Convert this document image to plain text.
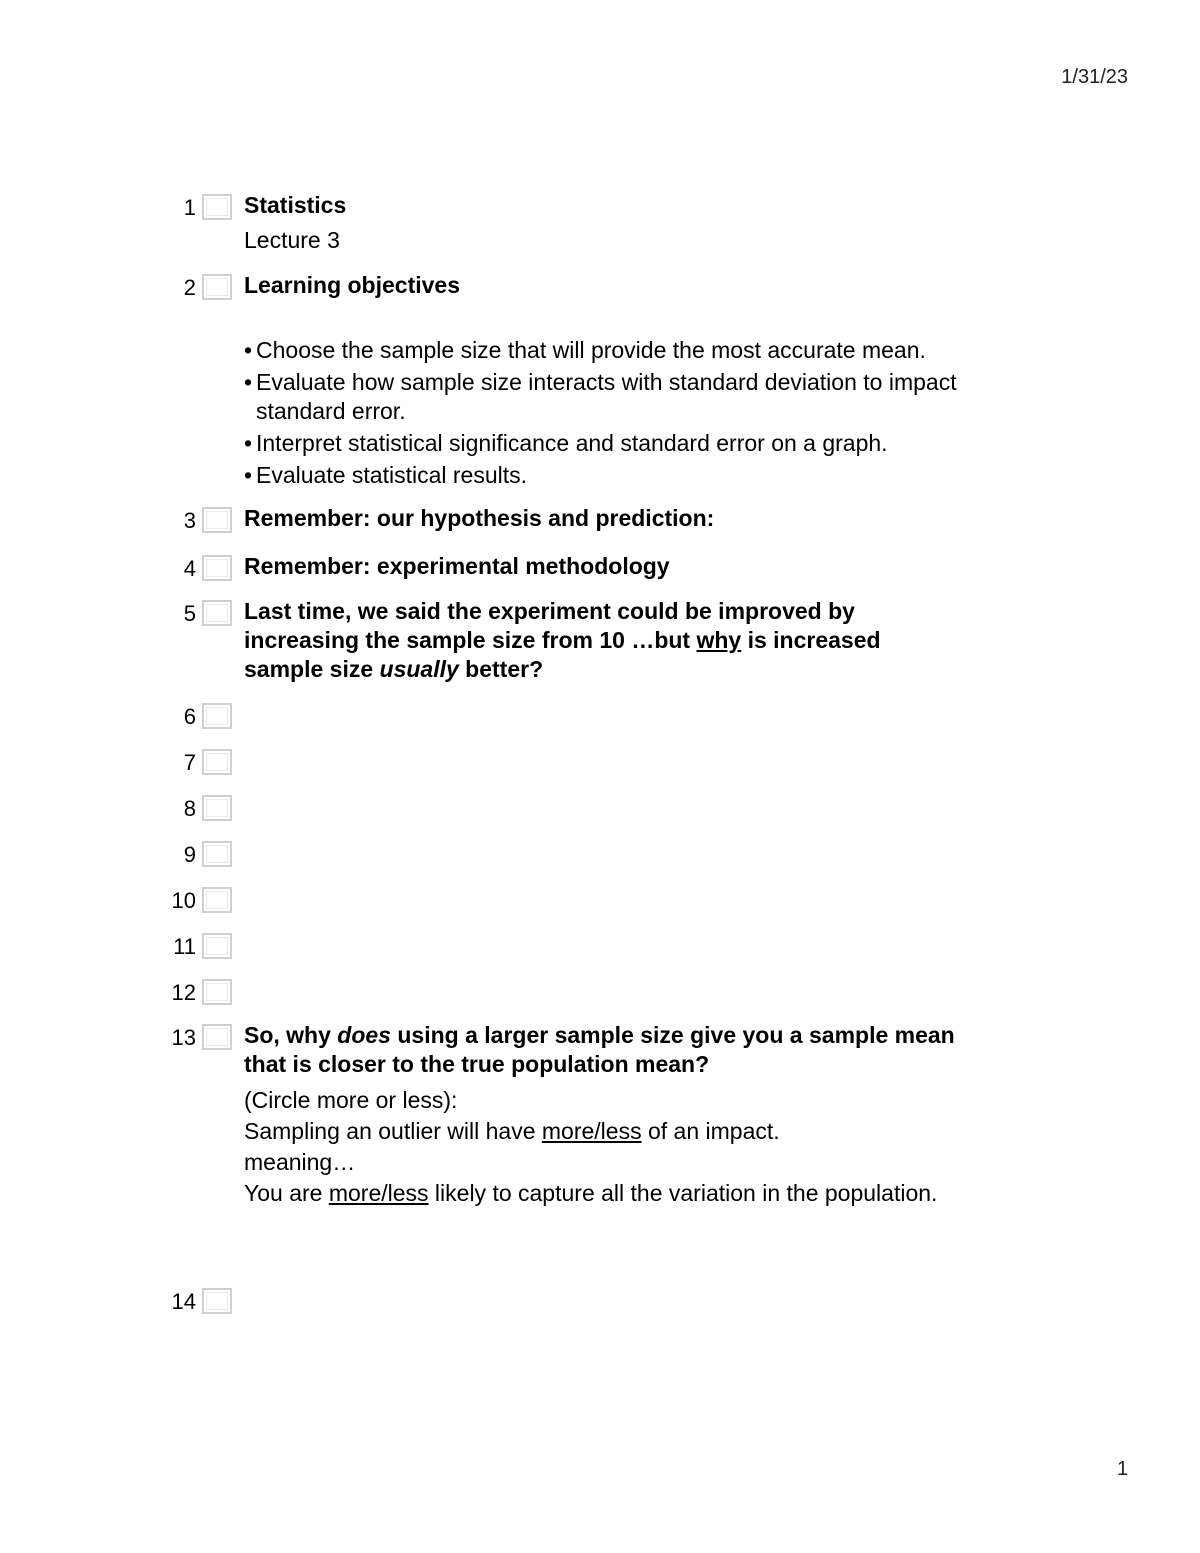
1/31/23
1 Statistics
Lecture 3
2 Learning objectives
• Choose the sample size that will provide the most accurate mean.
• Evaluate how sample size interacts with standard deviation to impact standard error.
• Interpret statistical significance and standard error on a graph.
• Evaluate statistical results.
3 Remember: our hypothesis and prediction:
4 Remember: experimental methodology
5 Last time, we said the experiment could be improved by increasing the sample size from 10 …but why is increased sample size usually better?
6
7
8
9
10
11
12
13 So, why does using a larger sample size give you a sample mean that is closer to the true population mean?
(Circle more or less):
Sampling an outlier will have more/less of an impact.
meaning…
You are more/less likely to capture all the variation in the population.
14
1
